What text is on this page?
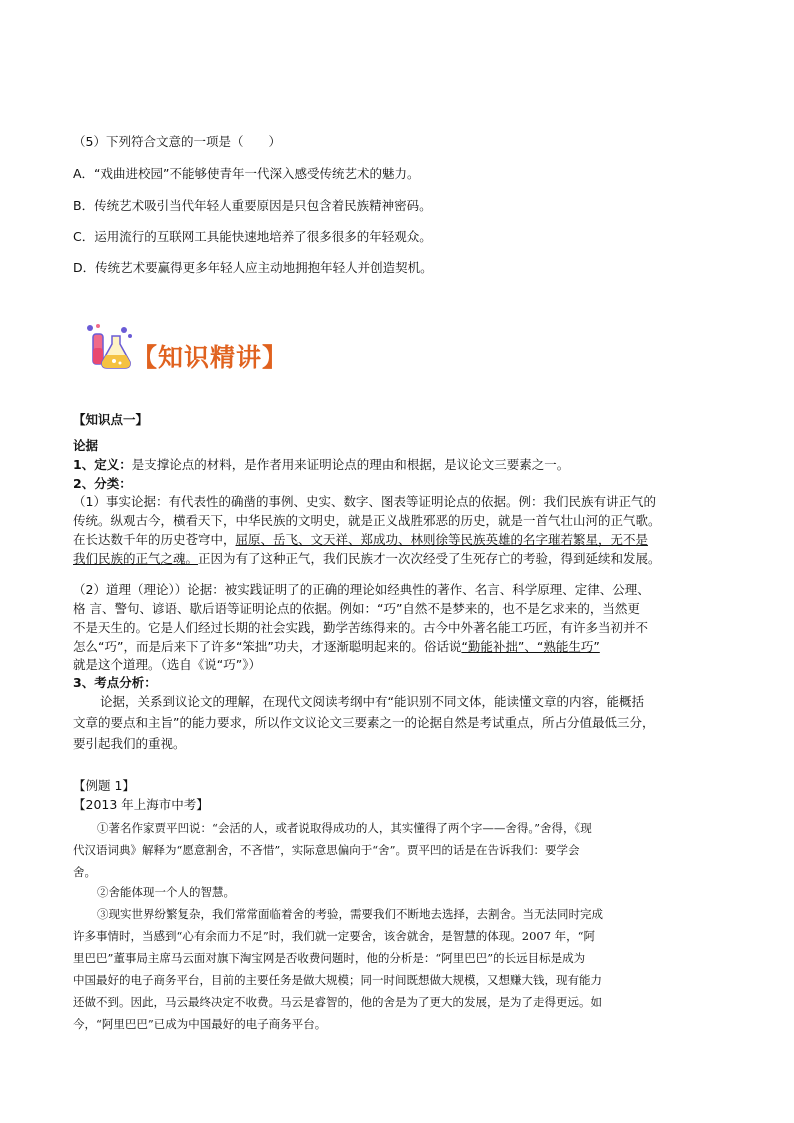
（5）下列符合文意的一项是（　　）
A．“戏曲进校园”不能够使青年一代深入感受传统艺术的魅力。
B．传统艺术吸引当代年轻人重要原因是只包含着民族精神密码。
C．运用流行的互联网工具能快速地培养了很多很多的年轻观众。
D．传统艺术要赢得更多年轻人应主动地拥抱年轻人并创造契机。
【知识精讲】
【知识点一】
论据
1、定义：是支撑论点的材料，是作者用来证明论点的理由和根据，是议论文三要素之一。
2、分类：
（1）事实论据：有代表性的确凿的事例、史实、数字、图表等证明论点的依据。例：我们民族有讲正气的
传统。纵观古今，横看天下，中华民族的文明史，就是正义战胜邪恶的历史，就是一首气壮山河的正气歌。
在长达数千年的历史苍穹中，屈原、岳飞、文天祥、郑成功、林则徐等民族英雄的名字璀若繁星，无不是
我们民族的正气之魂。正因为有了这种正气，我们民族才一次次经受了生死存亡的考验，得到延续和发展。
（2）道理（理论））论据：被实践证明了的正确的理论如经典性的著作、名言、科学原理、定律、公理、
格 言、警句、谚语、歇后语等证明论点的依据。例如：“巧”自然不是梦来的，也不是乞求来的，当然更
不是天生的。它是人们经过长期的社会实践，勤学苦练得来的。古今中外著名能工巧匠，有许多当初并不
怎么“巧”，而是后来下了许多“笨拙”功夫，才逐渐聪明起来的。俗话说“勤能补拙”、“熟能生巧”
就是这个道理。（选自《说“巧”》）
3、考点分析：
论据，关系到议论文的理解，在现代文阅读考纲中有“能识别不同文体，能读懂文章的内容，能概括
文章的要点和主旨”的能力要求，所以作文议论文三要素之一的论据自然是考试重点，所占分值最低三分，
要引起我们的重视。
【例题 1】
【2013 年上海市中考】
①著名作家贾平凹说：“会活的人，或者说取得成功的人，其实懂得了两个字——舍得。”舍得，《现
代汉语词典》解释为“愿意割舍，不吝惜”，实际意思偏向于“舍”。贾平凹的话是在告诉我们：要学会
舍。
②舍能体现一个人的智慧。
③现实世界纷繁复杂，我们常常面临着舍的考验，需要我们不断地去选择，去割舍。当无法同时完成
许多事情时，当感到“心有余而力不足”时，我们就一定要舍，该舍就舍，是智慧的体现。2007 年，“阿
里巴巴”董事局主席马云面对旗下淘宝网是否收费问题时，他的分析是：“阿里巴巴”的长远目标是成为
中国最好的电子商务平台，目前的主要任务是做大规模；同一时间既想做大规模，又想赚大钱，现有能力
还做不到。因此，马云最终决定不收费。马云是睿智的，他的舍是为了更大的发展，是为了走得更远。如
今，“阿里巴巴”已成为中国最好的电子商务平台。
